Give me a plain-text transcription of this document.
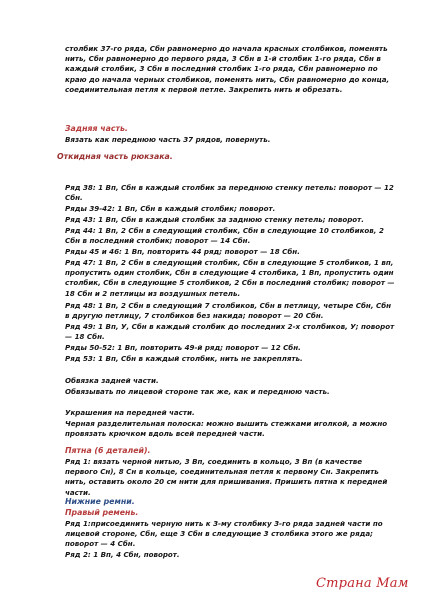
столбик 37-го ряда, Сбн равномерно до начала красных столбиков, поменять нить, Сбн равномерно до первого ряда, 3 Сбн в 1-й столбик 1-го ряда, Сбн в каждый столбик, 3 Сбн в последний столбик 1-го ряда, Сбн равномерно по краю до начала черных столбиков, поменять нить, Сбн равномерно до конца, соединительная петля к первой петле. Закрепить нить и обрезать.

Задняя часть.

Вязать как переднюю часть 37 рядов, повернуть.

Откидная часть рюкзака.

Ряд 38: 1 Вп, Сбн в каждый столбик за переднюю стенку петель: поворот — 12 Сбн.

Ряды 39-42: 1 Вп, Сбн в каждый столбик; поворот.

Ряд 43: 1 Вп, Сбн в каждый столбик за заднюю стенку петель; поворот.

Ряд 44: 1 Вп, 2 Сбн в следующий столбик, Сбн в следующие 10 столбиков, 2 Сбн в последний столбик; поворот — 14 Сбн.

Ряды 45 и 46: 1 Вп, повторить 44 ряд; поворот — 18 Сбн.

Ряд 47: 1 Вп, 2 Сбн в следующий столбик, Сбн в следующие 5 столбиков, 1 вп, пропустить один столбик, Сбн в следующие 4 столбика, 1 Вп, пропустить один столбик, Сбн в следующие 5 столбиков, 2 Сбн в последний столбик; поворот — 18 Сбн и 2 петлицы из воздушных петель.

Ряд 48: 1 Вп, 2 Сбн в следующий 7 столбиков, Сбн в петлицу, четыре Сбн, Сбн в другую петлицу, 7 столбиков без накида; поворот — 20 Сбн.

Ряд 49: 1 Вп, У, Сбн в каждый столбик до последних 2-х столбиков, У; поворот — 18 Сбн.

Ряды 50-52: 1 Вп, повторить 49-й ряд; поворот — 12 Сбн.

Ряд 53: 1 Вп, Сбн в каждый столбик, нить не закреплять.

Обвязка задней части.

Обвязывать по лицевой стороне так же, как и переднюю часть.

Украшения на передней части.

Черная разделительная полоска: можно вышить стежками иголкой, а можно провязать крючком вдоль всей передней части.

Пятна (6 деталей).

Ряд 1: вязать черной нитью, 3 Вп, соединить в кольцо, 3 Вп (в качестве первого Сн), 8 Сн в кольце, соединительная петля к первому Сн. Закрепить нить, оставить около 20 см нити для пришивания. Пришить пятна к передней части.

Нижние ремни.
Правый ремень.

Ряд 1:присоединить черную нить к 3-му столбику 3-го ряда задней части по лицевой стороне, Сбн, еще 3 Сбн в следующие 3 столбика этого же ряда; поворот — 4 Сбн.

Ряд 2: 1 Вп, 4 Сбн, поворот.

Страна Мам
